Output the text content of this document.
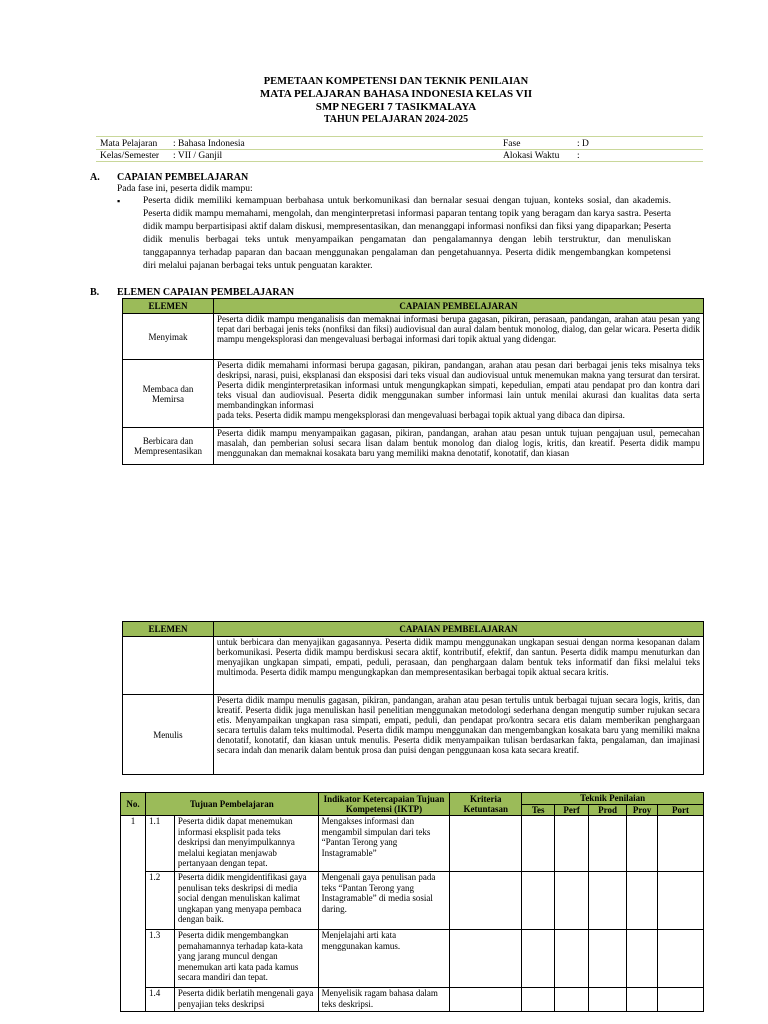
PEMETAAN KOMPETENSI DAN TEKNIK PENILAIAN
MATA PELAJARAN BAHASA INDONESIA KELAS VII
SMP NEGERI 7 TASIKMALAYA
TAHUN PELAJARAN 2024-2025
Mata Pelajaran : Bahasa Indonesia	Fase	: D
Kelas/Semester : VII / Ganjil	Alokasi Waktu :
A. CAPAIAN PEMBELAJARAN
Pada fase ini, peserta didik mampu:
▪ Peserta didik memiliki kemampuan berbahasa untuk berkomunikasi dan bernalar sesuai dengan tujuan, konteks sosial, dan akademis. Peserta didik mampu memahami, mengolah, dan menginterpretasi informasi paparan tentang topik yang beragam dan karya sastra. Peserta didik mampu berpartisipasi aktif dalam diskusi, mempresentasikan, dan menanggapi informasi nonfiksi dan fiksi yang dipaparkan; Peserta didik menulis berbagai teks untuk menyampaikan pengamatan dan pengalamannya dengan lebih terstruktur, dan menuliskan tanggapannya terhadap paparan dan bacaan menggunakan pengalaman dan pengetahuannya. Peserta didik mengembangkan kompetensi diri melalui pajanan berbagai teks untuk penguatan karakter.
B. ELEMEN CAPAIAN PEMBELAJARAN
ELEMEN	CAPAIAN PEMBELAJARAN
Menyimak	Peserta didik mampu menganalisis dan memaknai informasi berupa gagasan, pikiran, perasaan, pandangan, arahan atau pesan yang tepat dari berbagai jenis teks (nonfiksi dan fiksi) audiovisual dan aural dalam bentuk monolog, dialog, dan gelar wicara. Peserta didik mampu mengeksplorasi dan mengevaluasi berbagai informasi dari topik aktual yang didengar.
Membaca dan Memirsa	Peserta didik memahami informasi berupa gagasan, pikiran, pandangan, arahan atau pesan dari berbagai jenis teks misalnya teks deskripsi, narasi, puisi, eksplanasi dan eksposisi dari teks visual dan audiovisual untuk menemukan makna yang tersurat dan tersirat. Peserta didik menginterpretasikan informasi untuk mengungkapkan simpati, kepedulian, empati atau pendapat pro dan kontra dari teks visual dan audiovisual. Peserta didik menggunakan sumber informasi lain untuk menilai akurasi dan kualitas data serta membandingkan informasi
pada teks. Peserta didik mampu mengeksplorasi dan mengevaluasi berbagai topik aktual yang dibaca dan dipirsa.

Berbicara dan Mempresentasikan	Peserta didik mampu menyampaikan gagasan, pikiran, pandangan, arahan atau pesan untuk tujuan pengajuan usul, pemecahan masalah, dan pemberian solusi secara lisan dalam bentuk monolog dan dialog logis, kritis, dan kreatif. Peserta didik mampu menggunakan dan memaknai kosakata baru yang memiliki makna denotatif, konotatif, dan kiasan
ELEMEN	CAPAIAN PEMBELAJARAN
	untuk berbicara dan menyajikan gagasannya. Peserta didik mampu menggunakan ungkapan sesuai dengan norma kesopanan dalam berkomunikasi. Peserta didik mampu berdiskusi secara aktif, kontributif, efektif, dan santun. Peserta didik mampu menuturkan dan menyajikan ungkapan simpati, empati, peduli, perasaan, dan penghargaan dalam bentuk teks informatif dan fiksi melalui teks multimoda. Peserta didik mampu mengungkapkan dan mempresentasikan berbagai topik aktual secara kritis.
Menulis	Peserta didik mampu menulis gagasan, pikiran, pandangan, arahan atau pesan tertulis untuk berbagai tujuan secara logis, kritis, dan kreatif. Peserta didik juga menuliskan hasil penelitian menggunakan metodologi sederhana dengan mengutip sumber rujukan secara etis. Menyampaikan ungkapan rasa simpati, empati, peduli, dan pendapat pro/kontra secara etis dalam memberikan penghargaan secara tertulis dalam teks multimodal. Peserta didik mampu menggunakan dan mengembangkan kosakata baru yang memiliki makna denotatif, konotatif, dan kiasan untuk menulis. Peserta didik menyampaikan tulisan berdasarkan fakta, pengalaman, dan imajinasi secara indah dan menarik dalam bentuk prosa dan puisi dengan penggunaan kosa kata secara kreatif.
No.	Tujuan Pembelajaran		Indikator Ketercapaian Tujuan Kompetensi (IKTP)	Kriteria Ketuntasan	Teknik Penilaian				
					Tes	Perf	Prod	Proy	Port
1	1.1	Peserta didik dapat menemukan informasi eksplisit pada teks deskripsi dan menyimpulkannya melalui kegiatan menjawab pertanyaan dengan tepat.	Mengakses informasi dan mengambil simpulan dari teks “Pantan Terong yang Instagramable”						
	1.2	Peserta didik mengidentifikasi gaya penulisan teks deskripsi di media social dengan menuliskan kalimat ungkapan yang menyapa pembaca dengan baik.	Mengenali gaya penulisan pada teks “Pantan Terong yang Instagramable” di media sosial daring.						
	1.3	Peserta didik mengembangkan pemahamannya terhadap kata-kata yang jarang muncul dengan menemukan arti kata pada kamus secara mandiri dan tepat.	Menjelajahi arti kata menggunakan kamus.						
	1.4	Peserta didik berlatih mengenali gaya penyajian teks deskripsi	Menyelisik ragam bahasa dalam teks deskripsi.						
